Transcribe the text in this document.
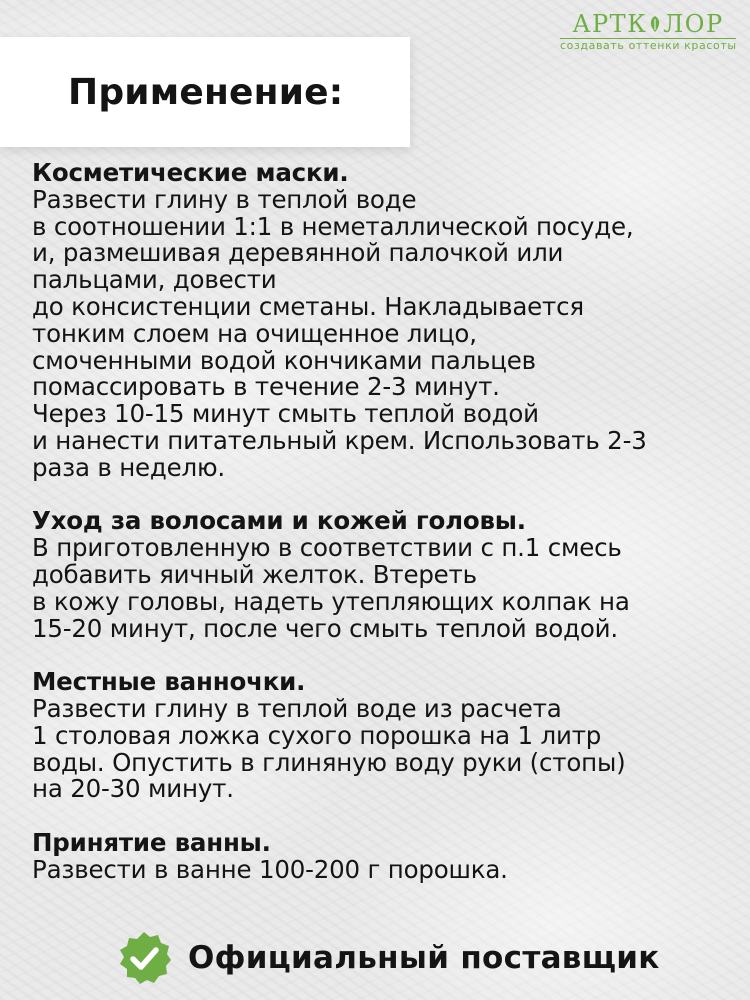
АРТК ЛОР
создавать оттенки красоты
Применение:
Косметические маски.
Развести глину в теплой воде
в соотношении 1:1 в неметаллической посуде,
и, размешивая деревянной палочкой или
пальцами, довести
до консистенции сметаны. Накладывается
тонким слоем на очищенное лицо,
смоченными водой кончиками пальцев
помассировать в течение 2-3 минут.
Через 10-15 минут смыть теплой водой
и нанести питательный крем. Использовать 2-3
раза в неделю.
Уход за волосами и кожей головы.
В приготовленную в соответствии с п.1 смесь
добавить яичный желток. Втереть
в кожу головы, надеть утепляющих колпак на
15-20 минут, после чего смыть теплой водой.
Местные ванночки.
Развести глину в теплой воде из расчета
1 столовая ложка сухого порошка на 1 литр
воды. Опустить в глиняную воду руки (стопы)
на 20-30 минут.
Принятие ванны.
Развести в ванне 100-200 г порошка.
Официальный поставщик
